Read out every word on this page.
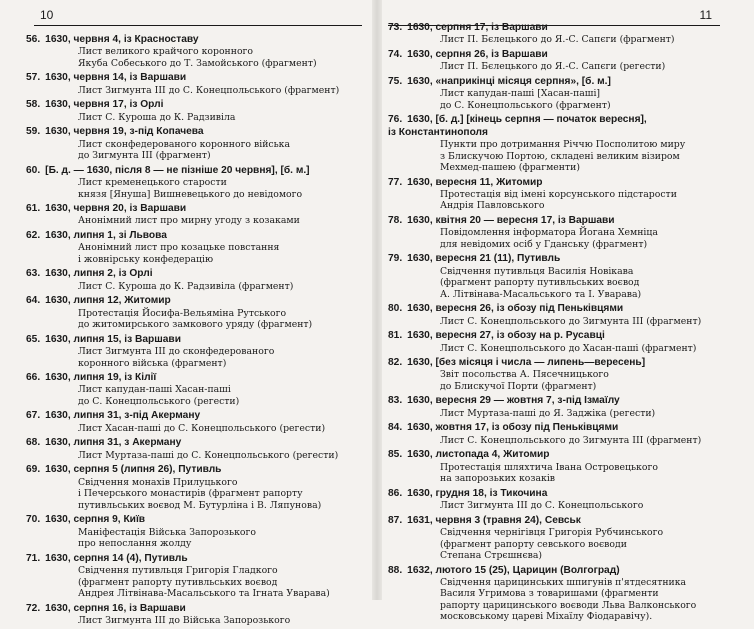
10
56. 1630, червня 4, із Красноставу
Лист великого крайчого коронного
Якуба Собеського до Т. Замойського (фрагмент)
57. 1630, червня 14, із Варшави
Лист Зигмунта III до С. Конецпольського (фрагмент)
58. 1630, червня 17, із Орлі
Лист С. Куроша до К. Радзивіла
59. 1630, червня 19, з-під Копачева
Лист сконфедерованого коронного війська
до Зигмунта III (фрагмент)
60. [Б. д. — 1630, після 8 — не пізніше 20 червня], [б. м.]
Лист кременецького старости
князя [Януша] Вишневецького до невідомого
61. 1630, червня 20, із Варшави
Анонімний лист про мирну угоду з козаками
62. 1630, липня 1, зі Львова
Анонімний лист про козацьке повстання
і жовнірську конфедерацію
63. 1630, липня 2, із Орлі
Лист С. Куроша до К. Радзивіла (фрагмент)
64. 1630, липня 12, Житомир
Протестація Йосифа-Вельяміна Рутського
до житомирського замкового уряду (фрагмент)
65. 1630, липня 15, із Варшави
Лист Зигмунта III до сконфедерованого
коронного війська (фрагмент)
66. 1630, липня 19, із Кілії
Лист капудан-паші Хасан-паші
до С. Конецпольського (регести)
67. 1630, липня 31, з-під Акерману
Лист Хасан-паші до С. Конецпольського (регести)
68. 1630, липня 31, з Акерману
Лист Муртаза-паші до С. Конецпольського (регести)
69. 1630, серпня 5 (липня 26), Путивль
Свідчення монахів Прилуцького
і Печерського монастирів (фрагмент рапорту
путивльських воєвод М. Бутурліна і В. Ляпунова)
70. 1630, серпня 9, Київ
Маніфестація Війська Запорозького
про непослання жолду
71. 1630, серпня 14 (4), Путивль
Свідчення путивльця Григорія Гладкого
(фрагмент рапорту путивльських воєвод
Андрея Літвінава-Масальського та Ігната Уварава)
72. 1630, серпня 16, із Варшави
Лист Зигмунта III до Війська Запорозького
11
73. 1630, серпня 17, із Варшави
Лист П. Бєлецького до Я.-С. Сапєги (фрагмент)
74. 1630, серпня 26, із Варшави
Лист П. Бєлецького до Я.-С. Сапєги (регести)
75. 1630, «наприкінці місяця серпня», [б. м.]
Лист капудан-паші [Хасан-паші]
до С. Конецпольського (фрагмент)
76. 1630, [б. д.] [кінець серпня — початок вересня],
із Константинополя
Пункти про дотримання Річчю Посполитою миру
з Блискучою Портою, складені великим візиром
Мехмед-пашею (фрагменти)
77. 1630, вересня 11, Житомир
Протестація від імені корсунського підстарости
Андрія Павловського
78. 1630, квітня 20 — вересня 17, із Варшави
Повідомлення інформатора Йогана Хемніца
для невідомих осіб у Гданську (фрагмент)
79. 1630, вересня 21 (11), Путивль
Свідчення путивльця Василія Новікава
(фрагмент рапорту путивльських воєвод
А. Літвінава-Масальського та І. Уварава)
80. 1630, вересня 26, із обозу під Пеньківцями
Лист С. Конецпольського до Зигмунта III (фрагмент)
81. 1630, вересня 27, із обозу на р. Русавці
Лист С. Конецпольського до Хасан-паші (фрагмент)
82. 1630, [без місяця і числа — липень—вересень]
Звіт посольства А. Пясечницького
до Блискучої Порти (фрагмент)
83. 1630, вересня 29 — жовтня 7, з-під Ізмаїлу
Лист Муртаза-паші до Я. Заджіка (регести)
84. 1630, жовтня 17, із обозу під Пеньківцями
Лист С. Конецпольського до Зигмунта III (фрагмент)
85. 1630, листопада 4, Житомир
Протестація шляхтича Івана Островецького
на запорозьких козаків
86. 1630, грудня 18, із Тикочина
Лист Зигмунта III до С. Конецпольського
87. 1631, червня 3 (травня 24), Севськ
Свідчення чернігівця Григорія Рубчинського
(фрагмент рапорту севського воєводи
Степана Стрєшнєва)
88. 1632, лютого 15 (25), Царицин (Волгоград)
Свідчення царицинських шпигунів п'ятдесятника
Василя Угримова з товаришами (фрагменти
рапорту царицинського воєводи Льва Валконського
московському цареві Міхаїлу Фіодаравічу).
